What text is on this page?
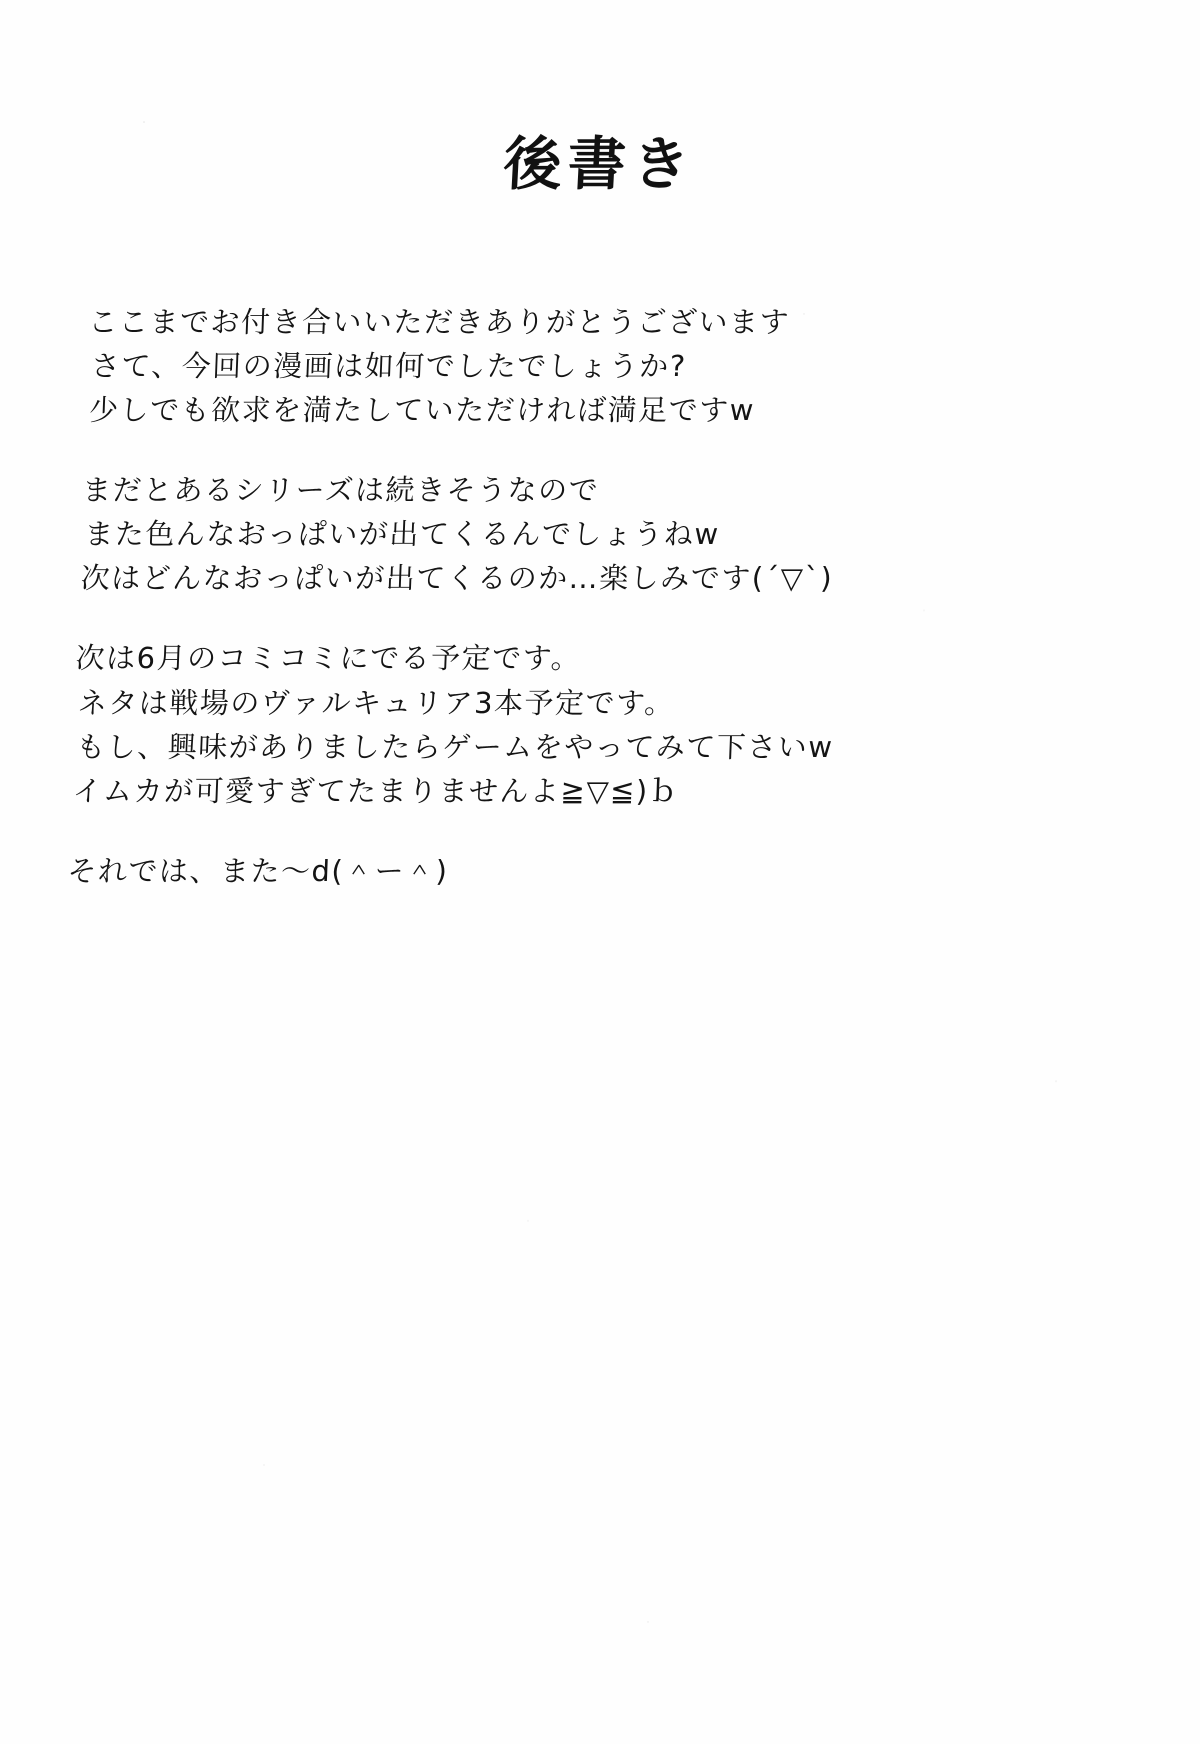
後書き
ここまでお付き合いいただきありがとうございます
さて、今回の漫画は如何でしたでしょうか?
少しでも欲求を満たしていただければ満足ですw
まだとあるシリーズは続きそうなので
また色んなおっぱいが出てくるんでしょうねw
次はどんなおっぱいが出てくるのか…楽しみです(´▽`)
次は6月のコミコミにでる予定です。
ネタは戦場のヴァルキュリア3本予定です。
もし、興味がありましたらゲームをやってみて下さいw
イムカが可愛すぎてたまりませんよ≧▽≦)ｂ
それでは、また～d(＾ー＾)
